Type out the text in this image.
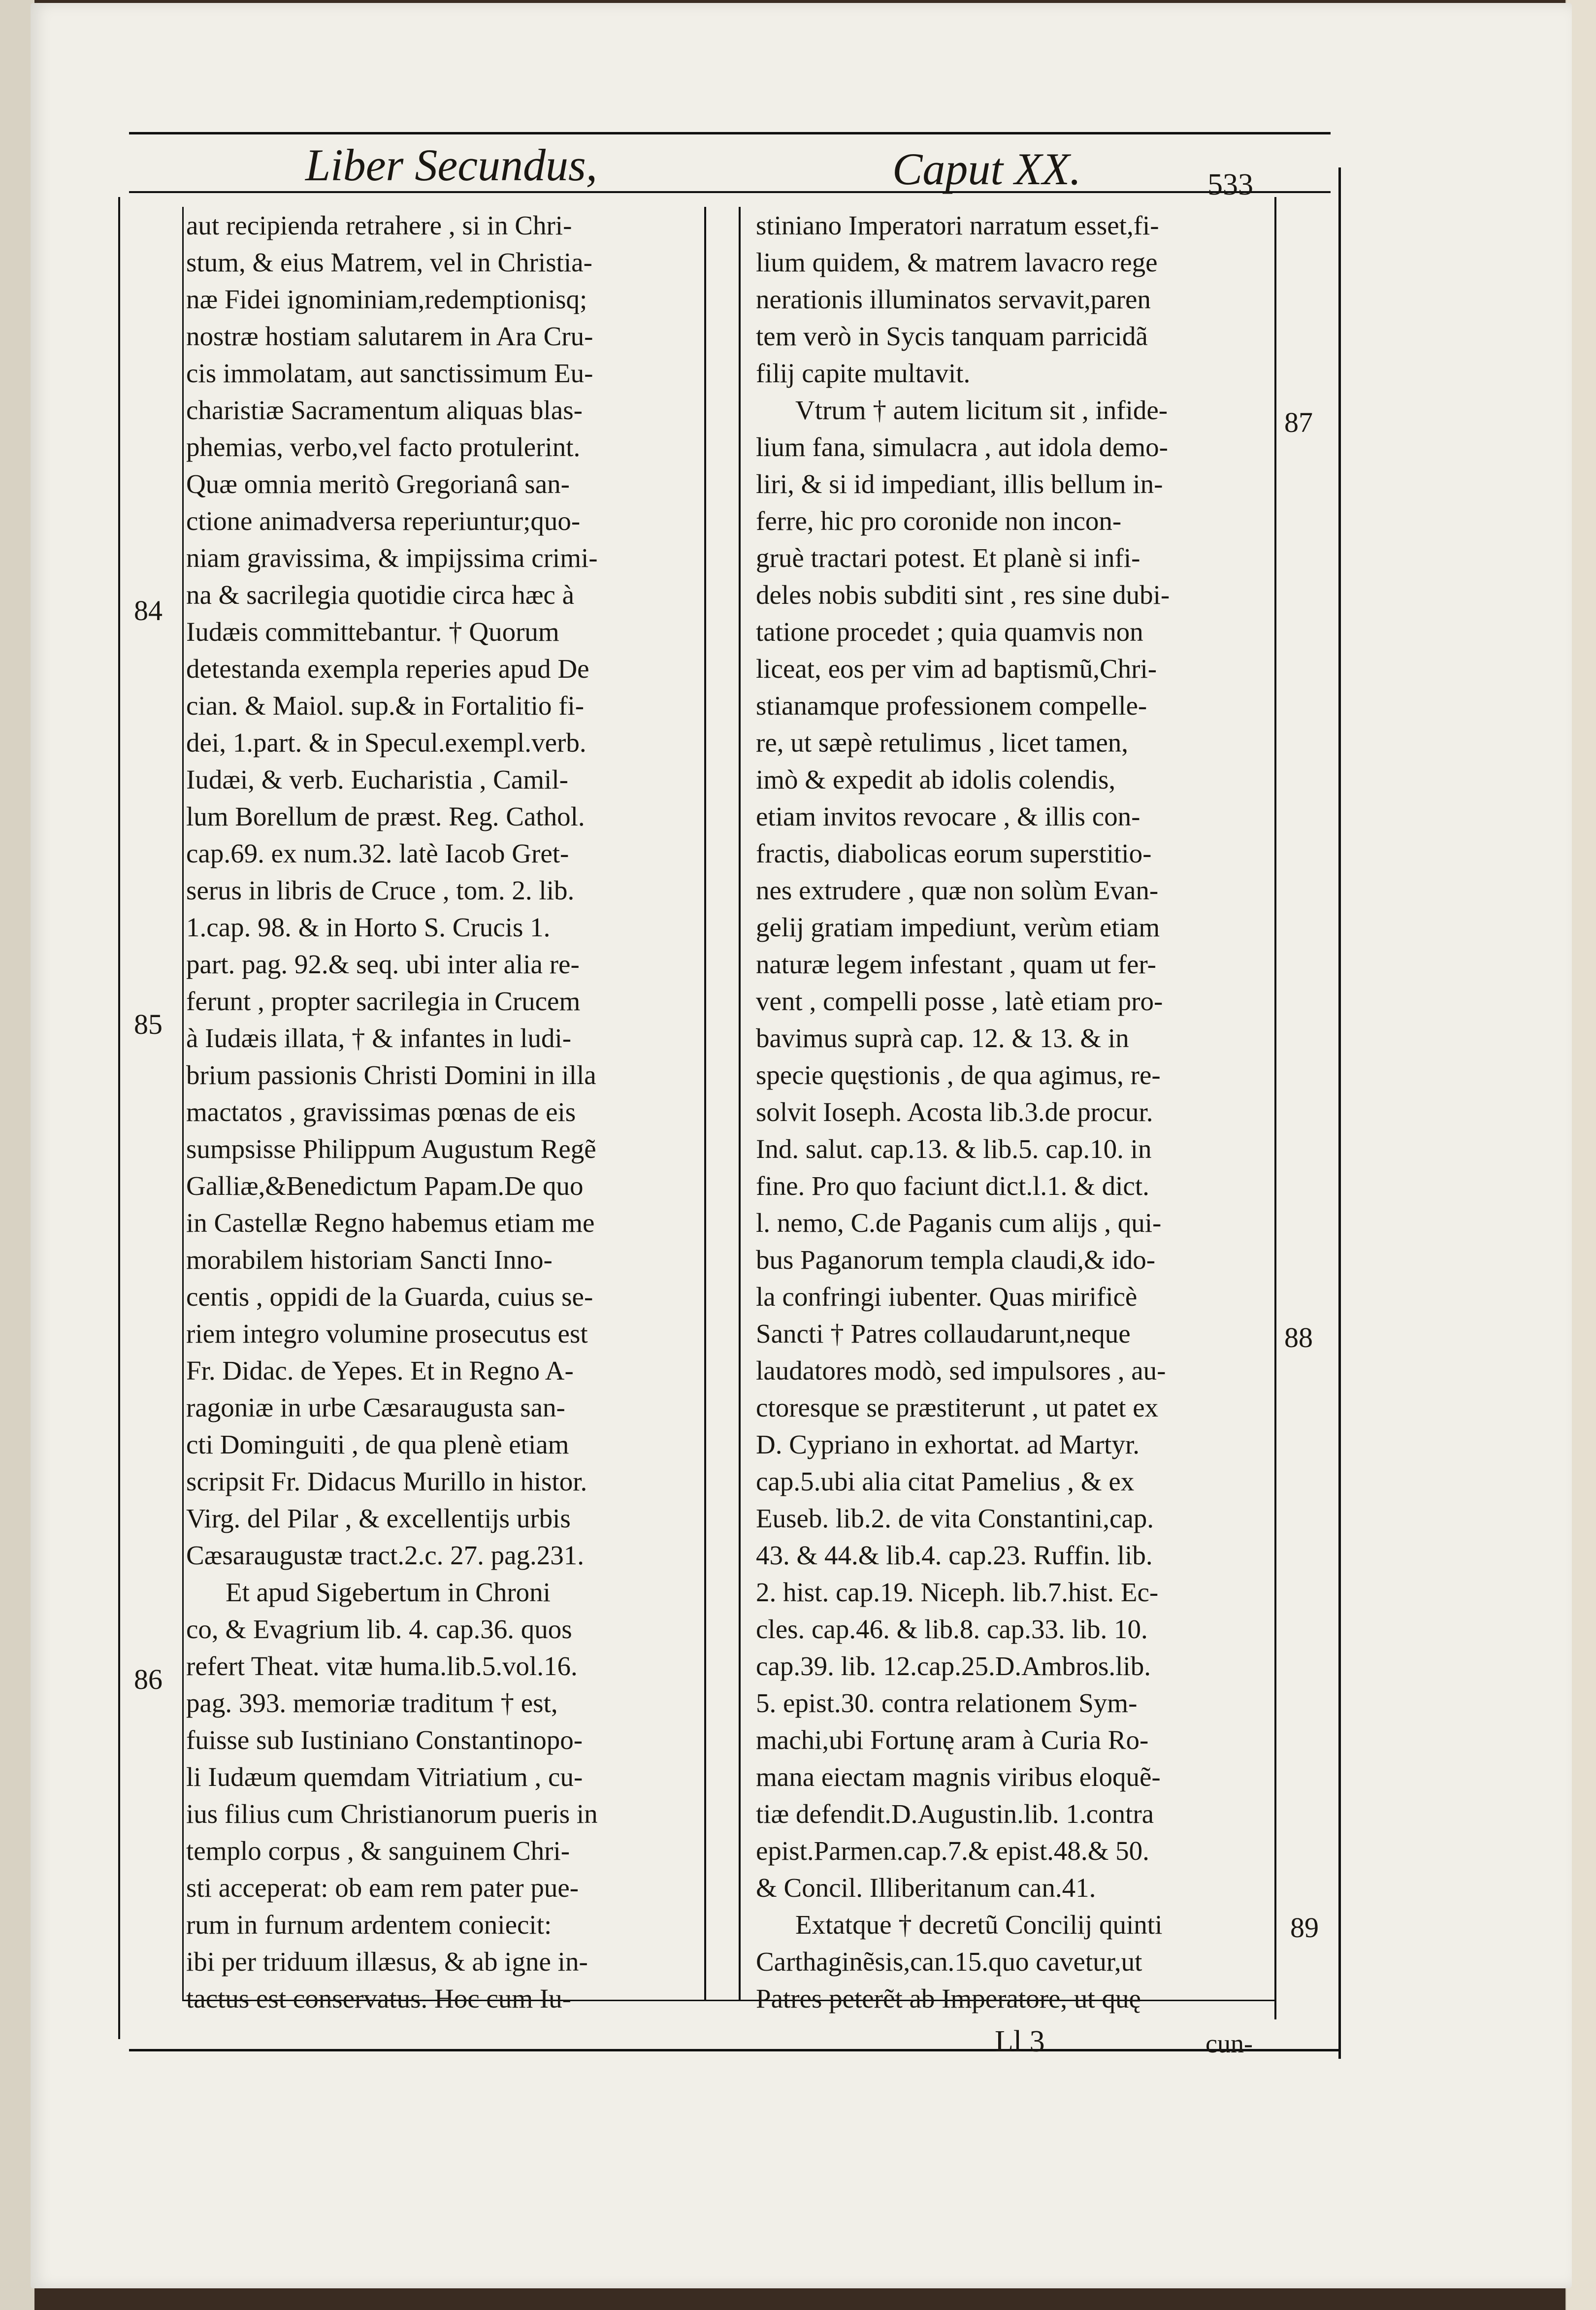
Liber Secundus,	Caput XX.	533
84
85
86
87
88
89
aut recipienda retrahere , si in Chri-
stum, & eius Matrem, vel in Christia-
næ Fidei ignominiam,redemptionisq;
nostræ hostiam salutarem in Ara Cru-
cis immolatam, aut sanctissimum Eu-
charistiæ Sacramentum aliquas blas-
phemias, verbo,vel facto protulerint.
Quæ omnia meritò Gregorianâ san-
ctione animadversa reperiuntur;quo-
niam gravissima, & impijssima crimi-
na & sacrilegia quotidie circa hæc à
Iudæis committebantur. † Quorum
detestanda exempla reperies apud De
cian. & Maiol. sup.& in Fortalitio fi-
dei, 1.part. & in Specul.exempl.verb.
Iudæi, & verb. Eucharistia , Camil-
lum Borellum de præst. Reg. Cathol.
cap.69. ex num.32. latè Iacob Gret-
serus in libris de Cruce , tom. 2. lib.
1.cap. 98. & in Horto S. Crucis 1.
part. pag. 92.& seq. ubi inter alia re-
ferunt , propter sacrilegia in Crucem
à Iudæis illata, † & infantes in ludi-
brium passionis Christi Domini in illa
mactatos , gravissimas pœnas de eis
sumpsisse Philippum Augustum Regẽ
Galliæ,&Benedictum Papam.De quo
in Castellæ Regno habemus etiam me
morabilem historiam Sancti Inno-
centis , oppidi de la Guarda, cuius se-
riem integro volumine prosecutus est
Fr. Didac. de Yepes. Et in Regno A-
ragoniæ in urbe Cæsaraugusta san-
cti Dominguiti , de qua plenè etiam
scripsit Fr. Didacus Murillo in histor.
Virg. del Pilar , & excellentijs urbis
Cæsaraugustæ tract.2.c. 27. pag.231.
Et apud Sigebertum in Chroni
co, & Evagrium lib. 4. cap.36. quos
refert Theat. vitæ huma.lib.5.vol.16.
pag. 393. memoriæ traditum † est,
fuisse sub Iustiniano Constantinopo-
li Iudæum quemdam Vitriatium , cu-
ius filius cum Christianorum pueris in
templo corpus , & sanguinem Chri-
sti acceperat: ob eam rem pater pue-
rum in furnum ardentem coniecit:
ibi per triduum illæsus, & ab igne in-
tactus est conservatus. Hoc cum Iu-
stiniano Imperatori narratum esset,fi-
lium quidem, & matrem lavacro rege
nerationis illuminatos servavit,paren
tem verò in Sycis tanquam parricidã
filij capite multavit.
Vtrum † autem licitum sit , infide-
lium fana, simulacra , aut idola demo-
liri, & si id impediant, illis bellum in-
ferre, hic pro coronide non incon-
gruè tractari potest. Et planè si infi-
deles nobis subditi sint , res sine dubi-
tatione procedet ; quia quamvis non
liceat, eos per vim ad baptismũ,Chri-
stianamque professionem compelle-
re, ut sæpè retulimus , licet tamen,
imò & expedit ab idolis colendis,
etiam invitos revocare , & illis con-
fractis, diabolicas eorum superstitio-
nes extrudere , quæ non solùm Evan-
gelij gratiam impediunt, verùm etiam
naturæ legem infestant , quam ut fer-
vent , compelli posse , latè etiam pro-
bavimus suprà cap. 12. & 13. & in
specie quęstionis , de qua agimus, re-
solvit Ioseph. Acosta lib.3.de procur.
Ind. salut. cap.13. & lib.5. cap.10. in
fine. Pro quo faciunt dict.l.1. & dict.
l. nemo, C.de Paganis cum alijs , qui-
bus Paganorum templa claudi,& ido-
la confringi iubenter. Quas mirificè
Sancti † Patres collaudarunt,neque
laudatores modò, sed impulsores , au-
ctoresque se præstiterunt , ut patet ex
D. Cypriano in exhortat. ad Martyr.
cap.5.ubi alia citat Pamelius , & ex
Euseb. lib.2. de vita Constantini,cap.
43. & 44.& lib.4. cap.23. Ruffin. lib.
2. hist. cap.19. Niceph. lib.7.hist. Ec-
cles. cap.46. & lib.8. cap.33. lib. 10.
cap.39. lib. 12.cap.25.D.Ambros.lib.
5. epist.30. contra relationem Sym-
machi,ubi Fortunę aram à Curia Ro-
mana eiectam magnis viribus eloquẽ-
tiæ defendit.D.Augustin.lib. 1.contra
epist.Parmen.cap.7.& epist.48.& 50.
& Concil. Illiberitanum can.41.
Extatque † decretũ Concilij quinti
Carthaginẽsis,can.15.quo cavetur,ut
Patres peterẽt ab Imperatore, ut quę
Ll 3	cun-
